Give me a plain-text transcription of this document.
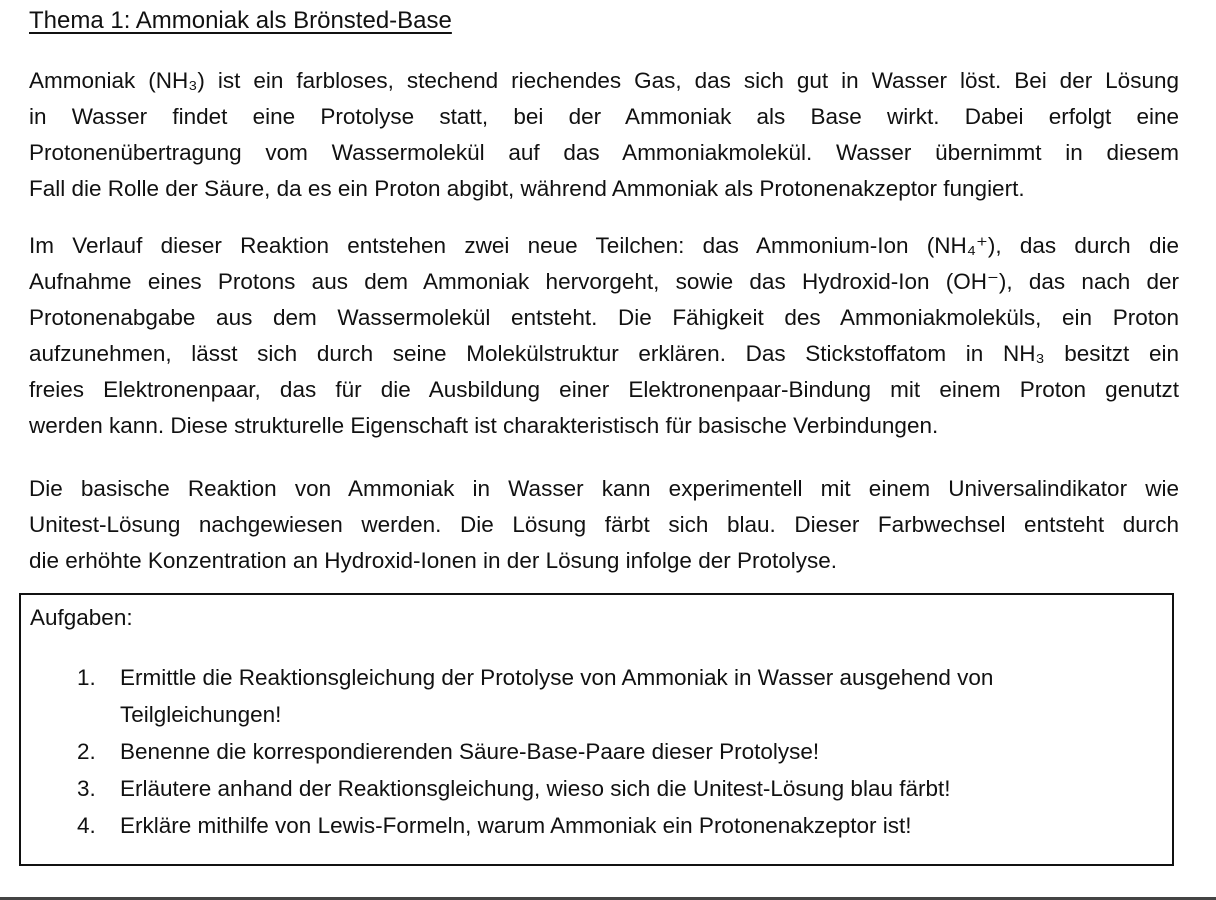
Thema 1: Ammoniak als Brönsted-Base
Ammoniak (NH₃) ist ein farbloses, stechend riechendes Gas, das sich gut in Wasser löst. Bei der Lösung
in Wasser findet eine Protolyse statt, bei der Ammoniak als Base wirkt. Dabei erfolgt eine
Protonenübertragung vom Wassermolekül auf das Ammoniakmolekül. Wasser übernimmt in diesem
Fall die Rolle der Säure, da es ein Proton abgibt, während Ammoniak als Protonenakzeptor fungiert.
Im Verlauf dieser Reaktion entstehen zwei neue Teilchen: das Ammonium-Ion (NH₄⁺), das durch die
Aufnahme eines Protons aus dem Ammoniak hervorgeht, sowie das Hydroxid-Ion (OH⁻), das nach der
Protonenabgabe aus dem Wassermolekül entsteht. Die Fähigkeit des Ammoniakmoleküls, ein Proton
aufzunehmen, lässt sich durch seine Molekülstruktur erklären. Das Stickstoffatom in NH₃ besitzt ein
freies Elektronenpaar, das für die Ausbildung einer Elektronenpaar-Bindung mit einem Proton genutzt
werden kann. Diese strukturelle Eigenschaft ist charakteristisch für basische Verbindungen.
Die basische Reaktion von Ammoniak in Wasser kann experimentell mit einem Universalindikator wie
Unitest-Lösung nachgewiesen werden. Die Lösung färbt sich blau. Dieser Farbwechsel entsteht durch
die erhöhte Konzentration an Hydroxid-Ionen in der Lösung infolge der Protolyse.
Aufgaben:
1.	Ermittle die Reaktionsgleichung der Protolyse von Ammoniak in Wasser ausgehend von Teilgleichungen!
2.	Benenne die korrespondierenden Säure-Base-Paare dieser Protolyse!
3.	Erläutere anhand der Reaktionsgleichung, wieso sich die Unitest-Lösung blau färbt!
4.	Erkläre mithilfe von Lewis-Formeln, warum Ammoniak ein Protonenakzeptor ist!
